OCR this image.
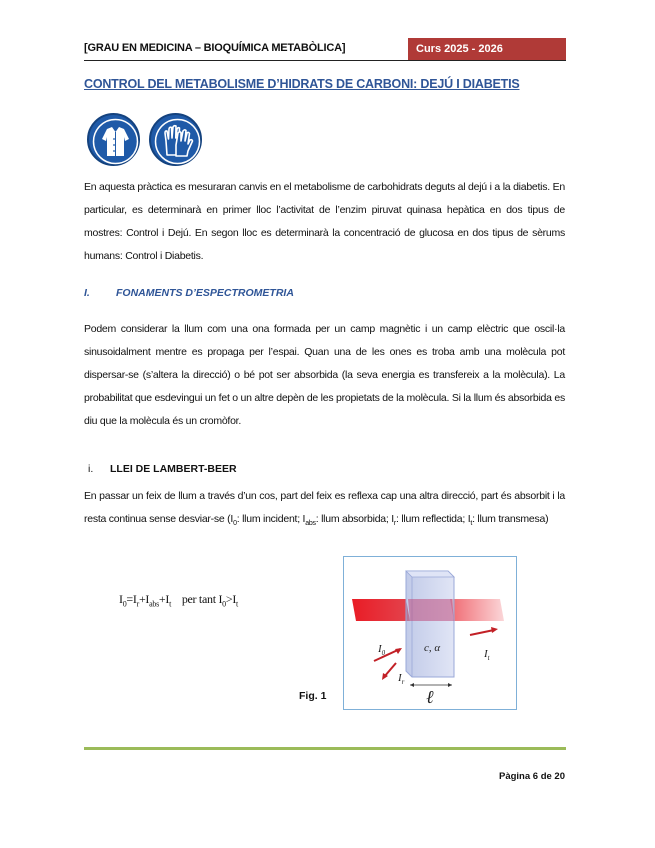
[GRAU EN MEDICINA – BIOQUÍMICA METABÒLICA]	Curs 2025 - 2026
CONTROL DEL METABOLISME D’HIDRATS DE CARBONI: DEJÚ I DIABETIS

En aquesta pràctica es mesuraran canvis en el metabolisme de carbohidrats deguts al dejú i a la diabetis. En particular, es determinarà en primer lloc l’activitat de l’enzim piruvat quinasa hepàtica en dos tipus de mostres: Control i Dejú. En segon lloc es determinarà la concentració de glucosa en dos tipus de sèrums humans: Control i Diabetis.

I. FONAMENTS D’ESPECTROMETRIA

Podem considerar la llum com una ona formada per un camp magnètic i un camp elèctric que oscil·la sinusoidalment mentre es propaga per l’espai. Quan una de les ones es troba amb una molècula pot dispersar-se (s’altera la direcció) o bé pot ser absorbida (la seva energia es transfereix a la molècula). La probabilitat que esdevingui un fet o un altre depèn de les propietats de la molècula. Si la llum és absorbida es diu que la molècula és un cromòfor.

i. LLEI DE LAMBERT-BEER

En passar un feix de llum a través d’un cos, part del feix es reflexa cap una altra direcció, part és absorbit i la resta continua sense desviar-se ($I_0$: llum incident; $I_{abs}$: llum absorbida; $I_r$: llum reflectida; $I_t$: llum transmesa)

$I_0=I_r+I_{abs}+I_t$ per tant $I_0>I_t$
$I_0$	$I_t$
$I_r$
c, α
ℓ
Fig. 1
Pàgina 6 de 20
